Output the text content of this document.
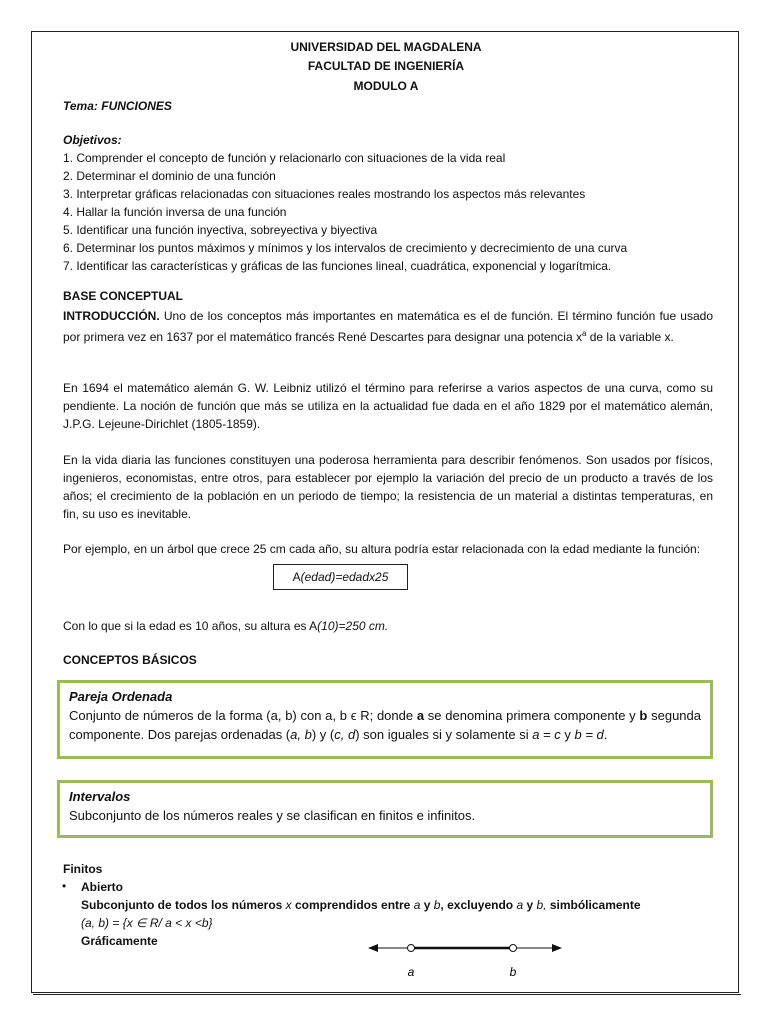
UNIVERSIDAD DEL MAGDALENA
FACULTAD DE INGENIERÍA
MODULO A
Tema: FUNCIONES
Objetivos:
1. Comprender el concepto de función y relacionarlo con situaciones de la vida real
2. Determinar el dominio de una función
3. Interpretar gráficas relacionadas con situaciones reales mostrando los aspectos más relevantes
4. Hallar la función inversa de una función
5. Identificar una función inyectiva, sobreyectiva y biyectiva
6. Determinar los puntos máximos y mínimos y los intervalos de crecimiento y decrecimiento de una curva
7. Identificar las características y gráficas de las funciones lineal, cuadrática, exponencial y logarítmica.
BASE CONCEPTUAL
INTRODUCCIÓN. Uno de los conceptos más importantes en matemática es el de función. El término función fue usado por primera vez en 1637 por el matemático francés René Descartes para designar una potencia $x^a$ de la variable x.
En 1694 el matemático alemán G. W. Leibniz utilizó el término para referirse a varios aspectos de una curva, como su pendiente. La noción de función que más se utiliza en la actualidad fue dada en el año 1829 por el matemático alemán, J.P.G. Lejeune-Dirichlet (1805-1859).
En la vida diaria las funciones constituyen una poderosa herramienta para describir fenómenos. Son usados por físicos, ingenieros, economistas, entre otros, para establecer por ejemplo la variación del precio de un producto a través de los años; el crecimiento de la población en un periodo de tiempo; la resistencia de un material a distintas temperaturas, en fin, su uso es inevitable.
Por ejemplo, en un árbol que crece 25 cm cada año, su altura podría estar relacionada con la edad mediante la función:
A(edad)=edadx25
Con lo que si la edad es 10 años, su altura es A(10)=250 cm.
CONCEPTOS BÁSICOS
Pareja Ordenada
Conjunto de números de la forma (a, b) con a, b ϵ R; donde a se denomina primera componente y b segunda componente. Dos parejas ordenadas (a, b) y (c, d) son iguales si y solamente si a = c y b = d.
Intervalos
Subconjunto de los números reales y se clasifican en finitos e infinitos.
Finitos
• Abierto
Subconjunto de todos los números x comprendidos entre a y b, excluyendo a y b, simbólicamente
(a, b) = {x ∈ R/ a < x <b}
Gráficamente
a	b
